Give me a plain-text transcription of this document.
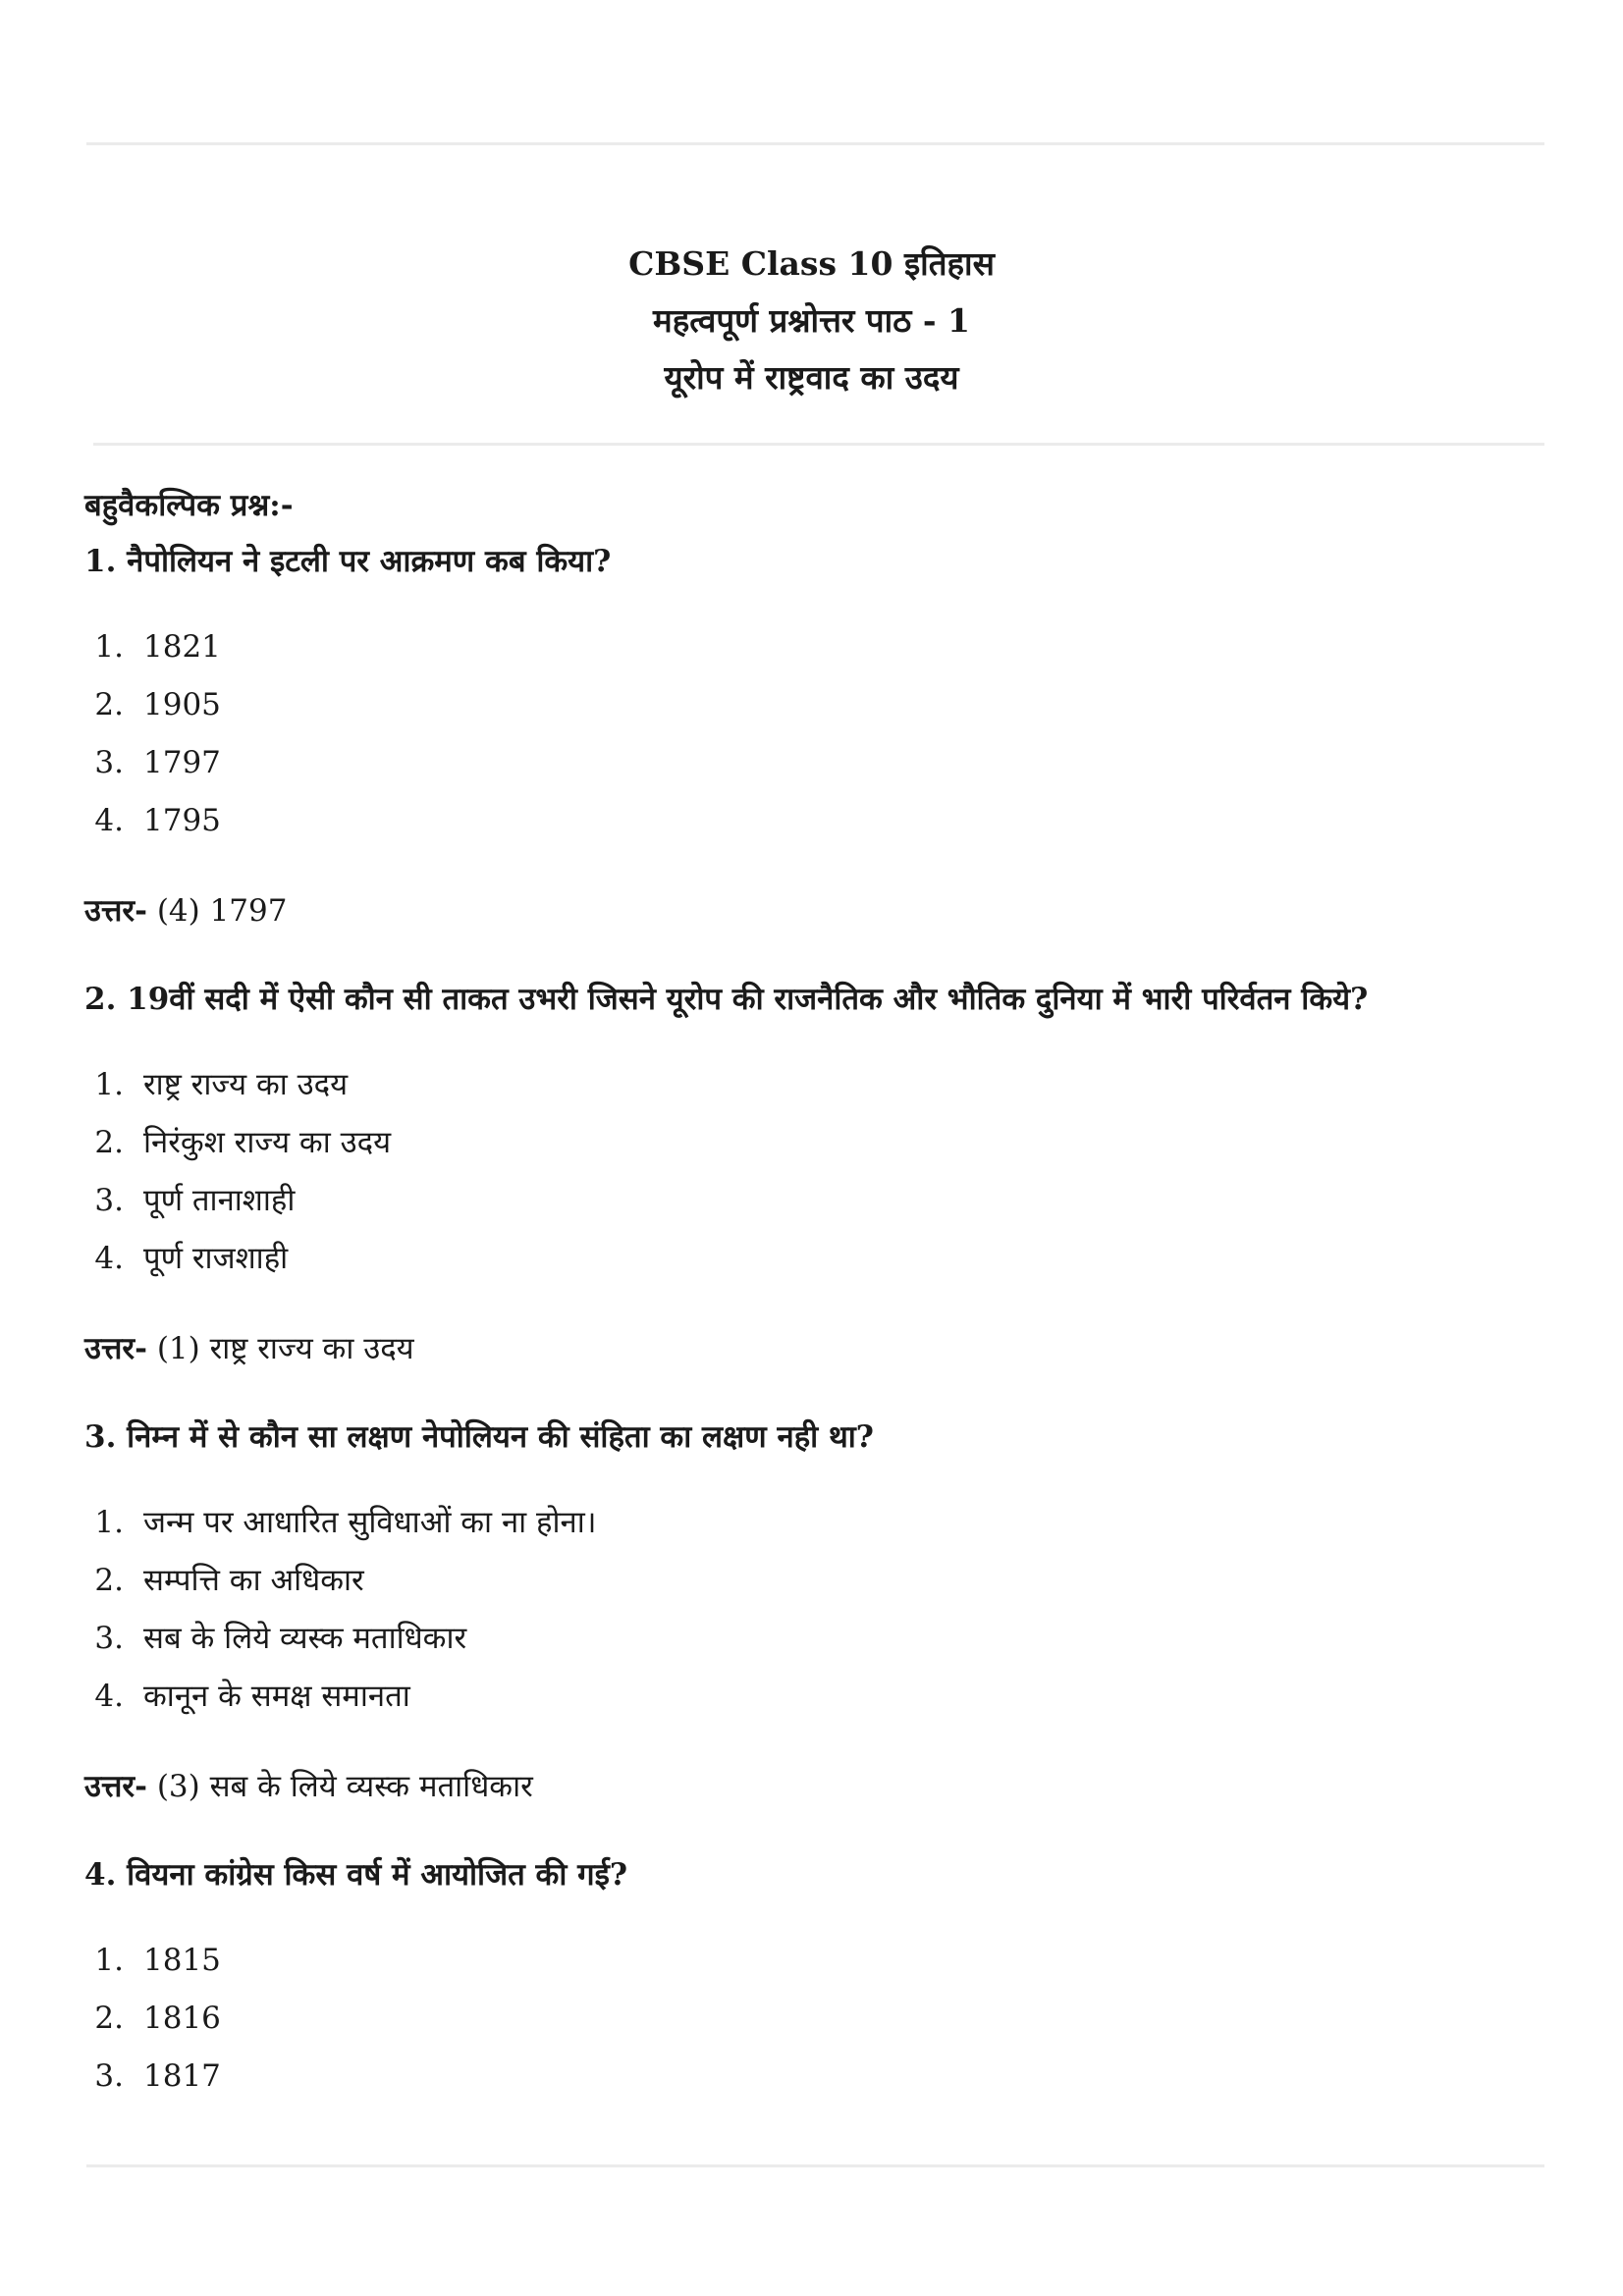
CBSE Class 10 इतिहास
महत्वपूर्ण प्रश्नोत्तर पाठ - 1
यूरोप में राष्ट्रवाद का उदय
बहुवैकल्पिक प्रश्न:-
1. नैपोलियन ने इटली पर आक्रमण कब किया?
1. 1821
2. 1905
3. 1797
4. 1795
उत्तर- (4) 1797
2. 19वीं सदी में ऐसी कौन सी ताकत उभरी जिसने यूरोप की राजनैतिक और भौतिक दुनिया में भारी परिर्वतन किये?
1. राष्ट्र राज्य का उदय
2. निरंकुश राज्य का उदय
3. पूर्ण तानाशाही
4. पूर्ण राजशाही
उत्तर- (1) राष्ट्र राज्य का उदय
3. निम्न में से कौन सा लक्षण नेपोलियन की संहिता का लक्षण नही था?
1. जन्म पर आधारित सुविधाओं का ना होना।
2. सम्पत्ति का अधिकार
3. सब के लिये व्यस्क मताधिकार
4. कानून के समक्ष समानता
उत्तर- (3) सब के लिये व्यस्क मताधिकार
4. वियना कांग्रेस किस वर्ष में आयोजित की गई?
1. 1815
2. 1816
3. 1817
